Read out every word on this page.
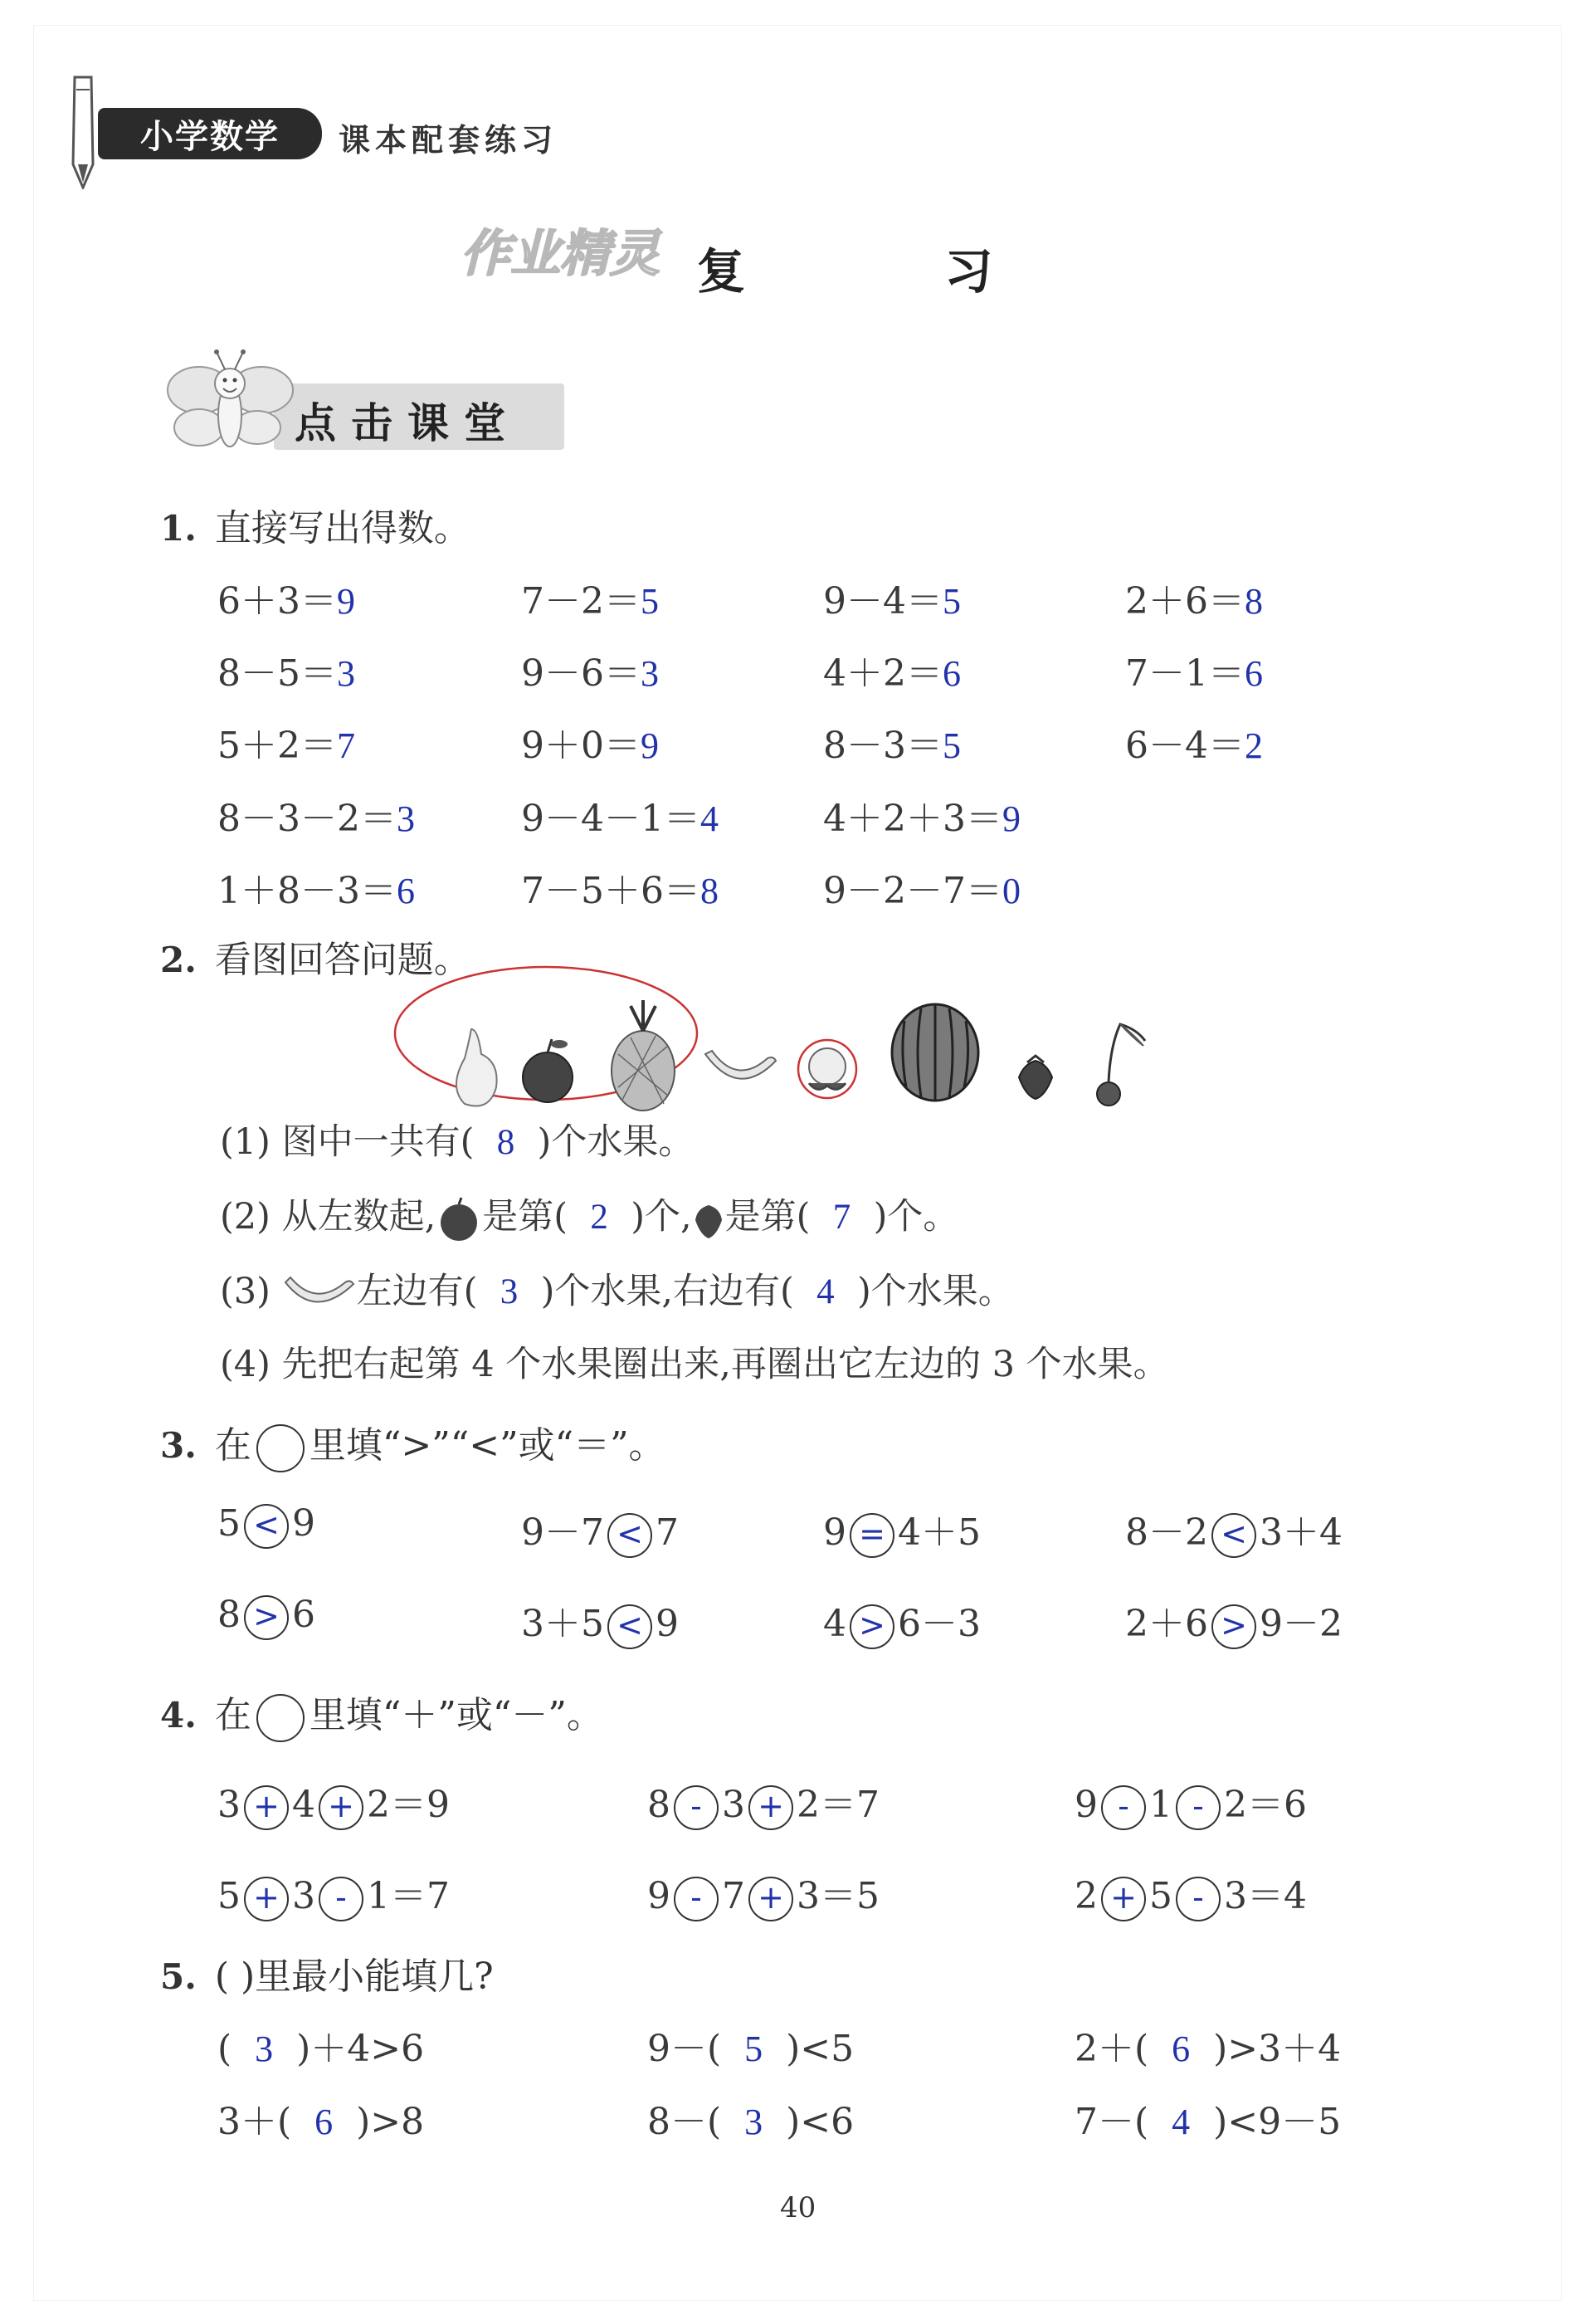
小学数学	课本配套练习
作业精灵 复 习
点击课堂
1. 直接写出得数。
6＋3＝9	7－2＝5	9－4＝5	2＋6＝8
8－5＝3	9－6＝3	4＋2＝6	7－1＝6
5＋2＝7	9＋0＝9	8－3＝5	6－4＝2
8－3－2＝3	9－4－1＝4	4＋2＋3＝9
1＋8－3＝6	7－5＋6＝8	9－2－7＝0
2. 看图回答问题。
(1) 图中一共有( 8 )个水果。
(2) 从左数起, 是第( 2 )个, 是第( 7 )个。
(3) 左边有( 3 )个水果,右边有( 4 )个水果。
(4) 先把右起第 4 个水果圈出来,再圈出它左边的 3 个水果。
3. 在 里填“>”“<”或“＝”。
5 < 9	9－7 < 7	9 = 4＋5	8－2 < 3＋4
8 > 6	3＋5 < 9	4 > 6－3	2＋6 > 9－2
4. 在 里填“＋”或“－”。
3 + 4 + 2＝9	8 - 3 + 2＝7	9 - 1 - 2＝6
5 + 3 - 1＝7	9 - 7 + 3＝5	2 + 5 - 3＝4
5. ( )里最小能填几?
( 3 )＋4>6	9－( 5 )<5	2＋( 6 )>3＋4
3＋( 6 )>8	8－( 3 )<6	7－( 4 )<9－5
40
